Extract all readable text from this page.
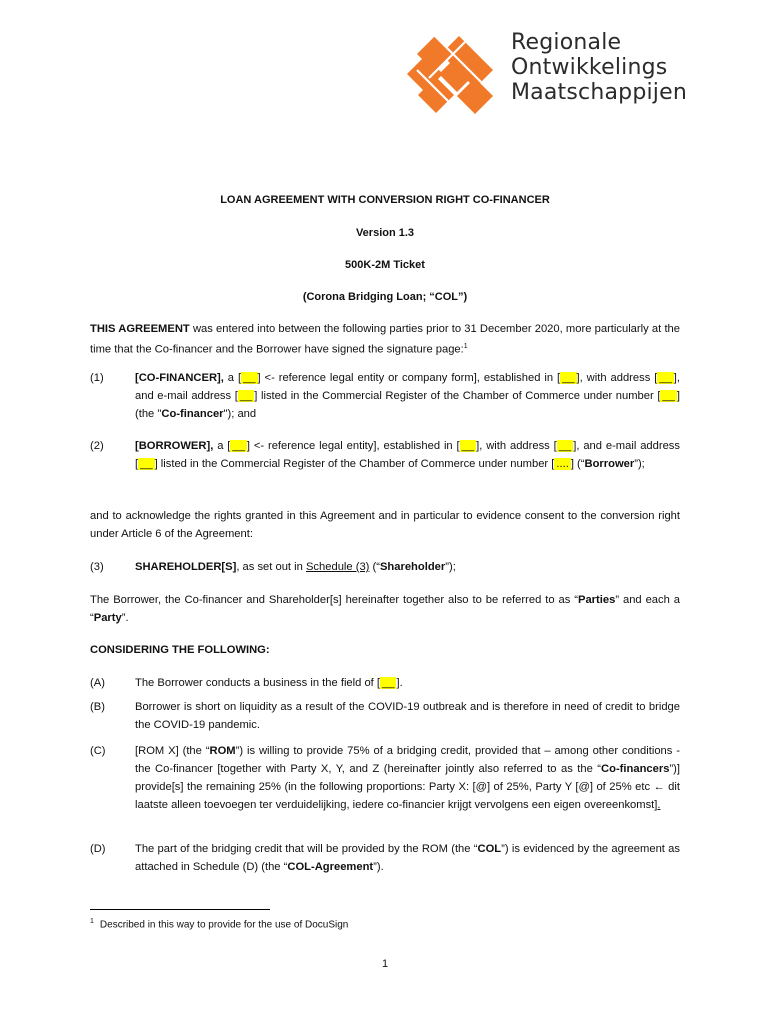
Regionale
Ontwikkelings
Maatschappijen
LOAN AGREEMENT WITH CONVERSION RIGHT CO-FINANCER
Version 1.3
500K-2M Ticket
(Corona Bridging Loan; “COL”)
THIS AGREEMENT was entered into between the following parties prior to 31 December 2020, more particularly at the time that the Co-financer and the Borrower have signed the signature page:$^1$
(1)	[CO-FINANCER], a [ __ ] <- reference legal entity or company form], established in [ __ ], with address [ __ ], and e-mail address [ __ ] listed in the Commercial Register of the Chamber of Commerce under number [ __ ] (the "Co-financer"); and
(2)	[BORROWER], a [ __ ] <- reference legal entity], established in [ __ ], with address [ __ ], and e-mail address [ __ ] listed in the Commercial Register of the Chamber of Commerce under number [ .... ] (“Borrower”);
and to acknowledge the rights granted in this Agreement and in particular to evidence consent to the conversion right under Article 6 of the Agreement:
(3)	SHAREHOLDER[S], as set out in Schedule (3) (“Shareholder”);
The Borrower, the Co-financer and Shareholder[s] hereinafter together also to be referred to as “Parties” and each a “Party”.
CONSIDERING THE FOLLOWING:
(A)	The Borrower conducts a business in the field of [ __ ].
(B)	Borrower is short on liquidity as a result of the COVID-19 outbreak and is therefore in need of credit to bridge the COVID-19 pandemic.
(C)	[ROM X] (the “ROM”) is willing to provide 75% of a bridging credit, provided that – among other conditions - the Co-financer [together with Party X, Y, and Z (hereinafter jointly also referred to as the “Co-financers”)] provide[s] the remaining 25% (in the following proportions: Party X: [@] of 25%, Party Y [@] of 25% etc ← dit laatste alleen toevoegen ter verduidelijking, iedere co-financier krijgt vervolgens een eigen overeenkomst].
(D)	The part of the bridging credit that will be provided by the ROM (the “COL”) is evidenced by the agreement as attached in Schedule (D) (the “COL-Agreement”).
$^1$ Described in this way to provide for the use of DocuSign
1
